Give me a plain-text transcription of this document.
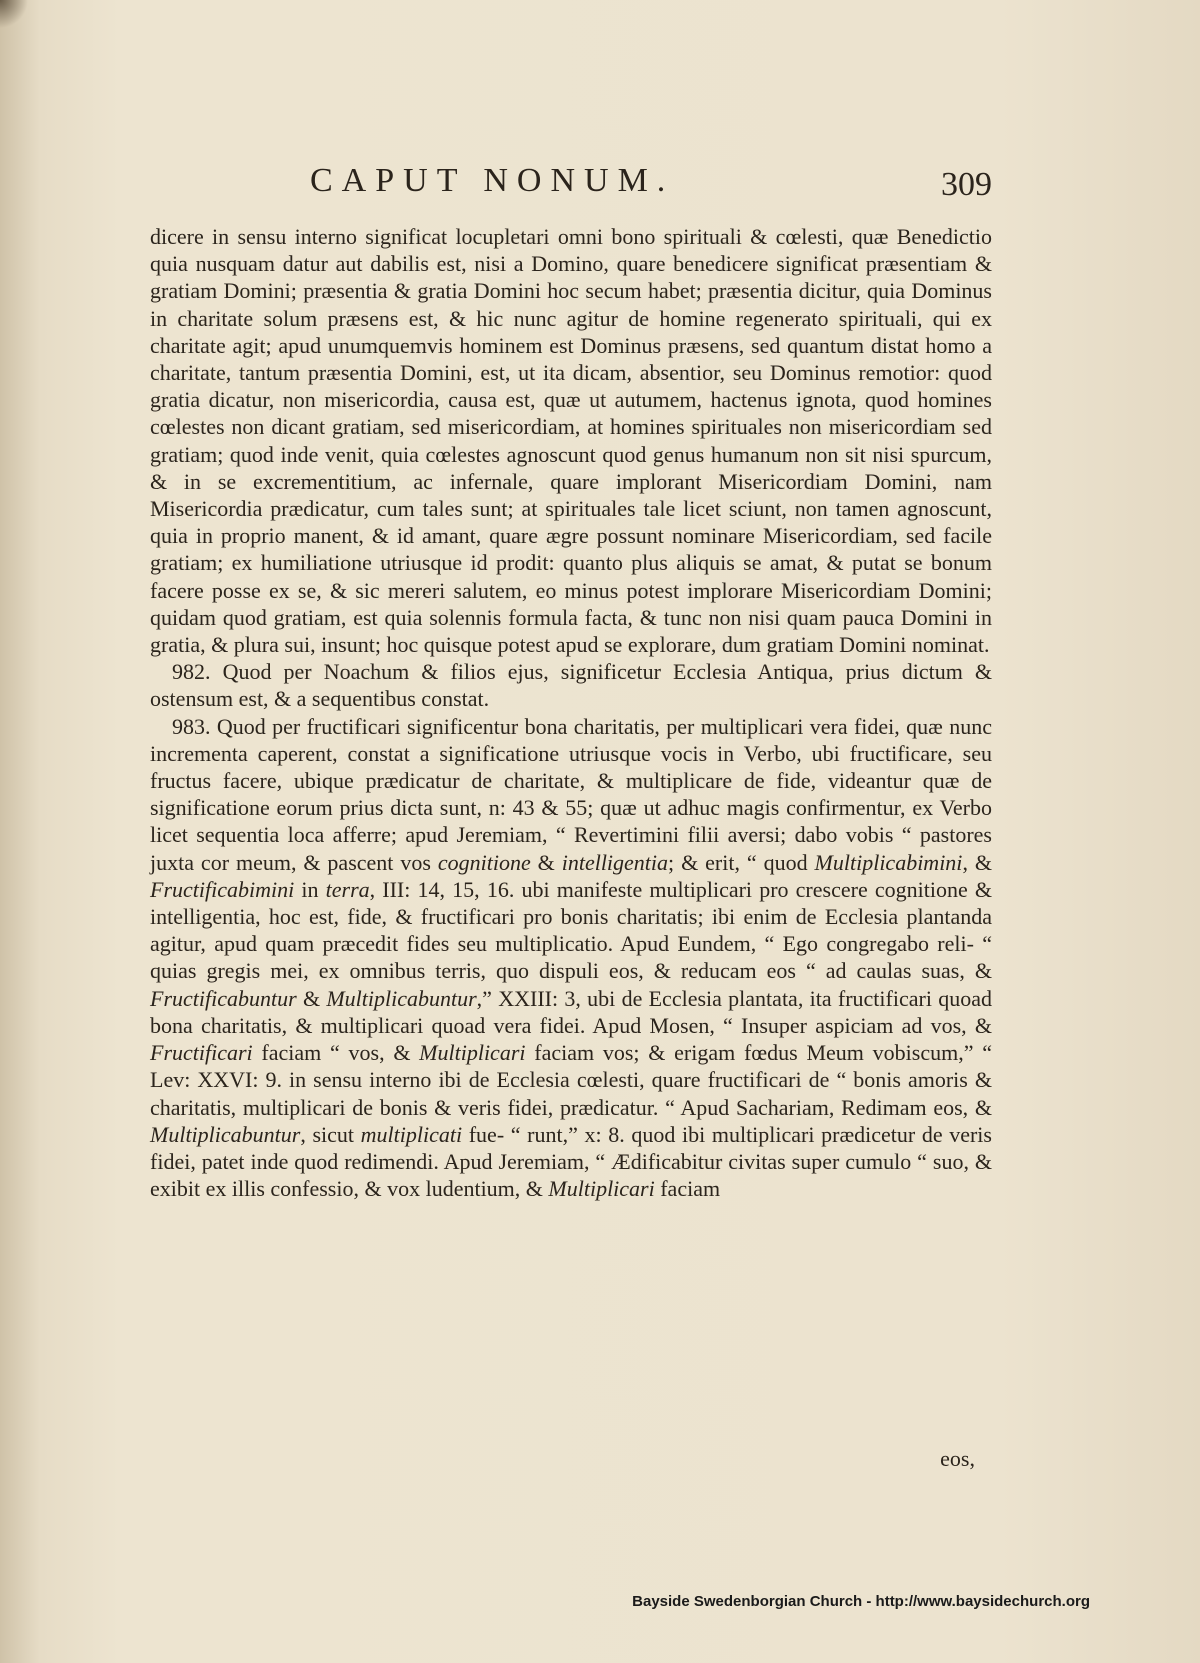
CAPUT NONUM.	309

dicere in sensu interno significat locupletari omni bono spirituali & cœlesti, quæ Benedictio quia nusquam datur aut dabilis est, nisi a Domino, quare benedicere significat præsentiam & gratiam Domini; præsentia & gratia Domini hoc secum habet; præsentia dicitur, quia Dominus in charitate solum præsens est, & hic nunc agitur de homine regenerato spirituali, qui ex charitate agit; apud unumquemvis hominem est Dominus præsens, sed quantum distat homo a charitate, tantum præsentia Domini, est, ut ita dicam, absentior, seu Dominus remotior: quod gratia dicatur, non misericordia, causa est, quæ ut autumem, hactenus ignota, quod homines cœlestes non dicant gratiam, sed misericordiam, at homines spirituales non misericordiam sed gratiam; quod inde venit, quia cœlestes agnoscunt quod genus humanum non sit nisi spurcum, & in se excrementitium, ac infernale, quare implorant Misericordiam Domini, nam Misericordia prædicatur, cum tales sunt; at spirituales tale licet sciunt, non tamen agnoscunt, quia in proprio manent, & id amant, quare ægre possunt nominare Misericordiam, sed facile gratiam; ex humiliatione utriusque id prodit: quanto plus aliquis se amat, & putat se bonum facere posse ex se, & sic mereri salutem, eo minus potest implorare Misericordiam Domini; quidam quod gratiam, est quia solennis formula facta, & tunc non nisi quam pauca Domini in gratia, & plura sui, insunt; hoc quisque potest apud se explorare, dum gratiam Domini nominat.

982. Quod per Noachum & filios ejus, significetur Ecclesia Antiqua, prius dictum & ostensum est, & a sequentibus constat.

983. Quod per fructificari significentur bona charitatis, per multiplicari vera fidei, quæ nunc incrementa caperent, constat a significatione utriusque vocis in Verbo, ubi fructificare, seu fructus facere, ubique prædicatur de charitate, & multiplicare de fide, videantur quæ de significatione eorum prius dicta sunt, n: 43 & 55; quæ ut adhuc magis confirmentur, ex Verbo licet sequentia loca afferre; apud Jeremiam, “ Revertimini filii aversi; dabo vobis “ pastores juxta cor meum, & pascent vos cognitione & intelligentia; & erit, “ quod Multiplicabimini, & Fructificabimini in terra, III: 14, 15, 16. ubi manifeste multiplicari pro crescere cognitione & intelligentia, hoc est, fide, & fructificari pro bonis charitatis; ibi enim de Ecclesia plantanda agitur, apud quam præcedit fides seu multiplicatio. Apud Eundem, “ Ego congregabo reli- “ quias gregis mei, ex omnibus terris, quo dispuli eos, & reducam eos “ ad caulas suas, & Fructificabuntur & Multiplicabuntur,” XXIII: 3, ubi de Ecclesia plantata, ita fructificari quoad bona charitatis, & multiplicari quoad vera fidei. Apud Mosen, “ Insuper aspiciam ad vos, & Fructificari faciam “ vos, & Multiplicari faciam vos; & erigam fœdus Meum vobiscum,” “ Lev: XXVI: 9. in sensu interno ibi de Ecclesia cœlesti, quare fructificari de “ bonis amoris & charitatis, multiplicari de bonis & veris fidei, prædicatur. “ Apud Sachariam, Redimam eos, & Multiplicabuntur, sicut multiplicati fue- “ runt,” x: 8. quod ibi multiplicari prædicetur de veris fidei, patet inde quod redimendi. Apud Jeremiam, “ Ædificabitur civitas super cumulo “ suo, & exibit ex illis confessio, & vox ludentium, & Multiplicari faciam

eos,
Bayside Swedenborgian Church - http://www.baysidechurch.org
